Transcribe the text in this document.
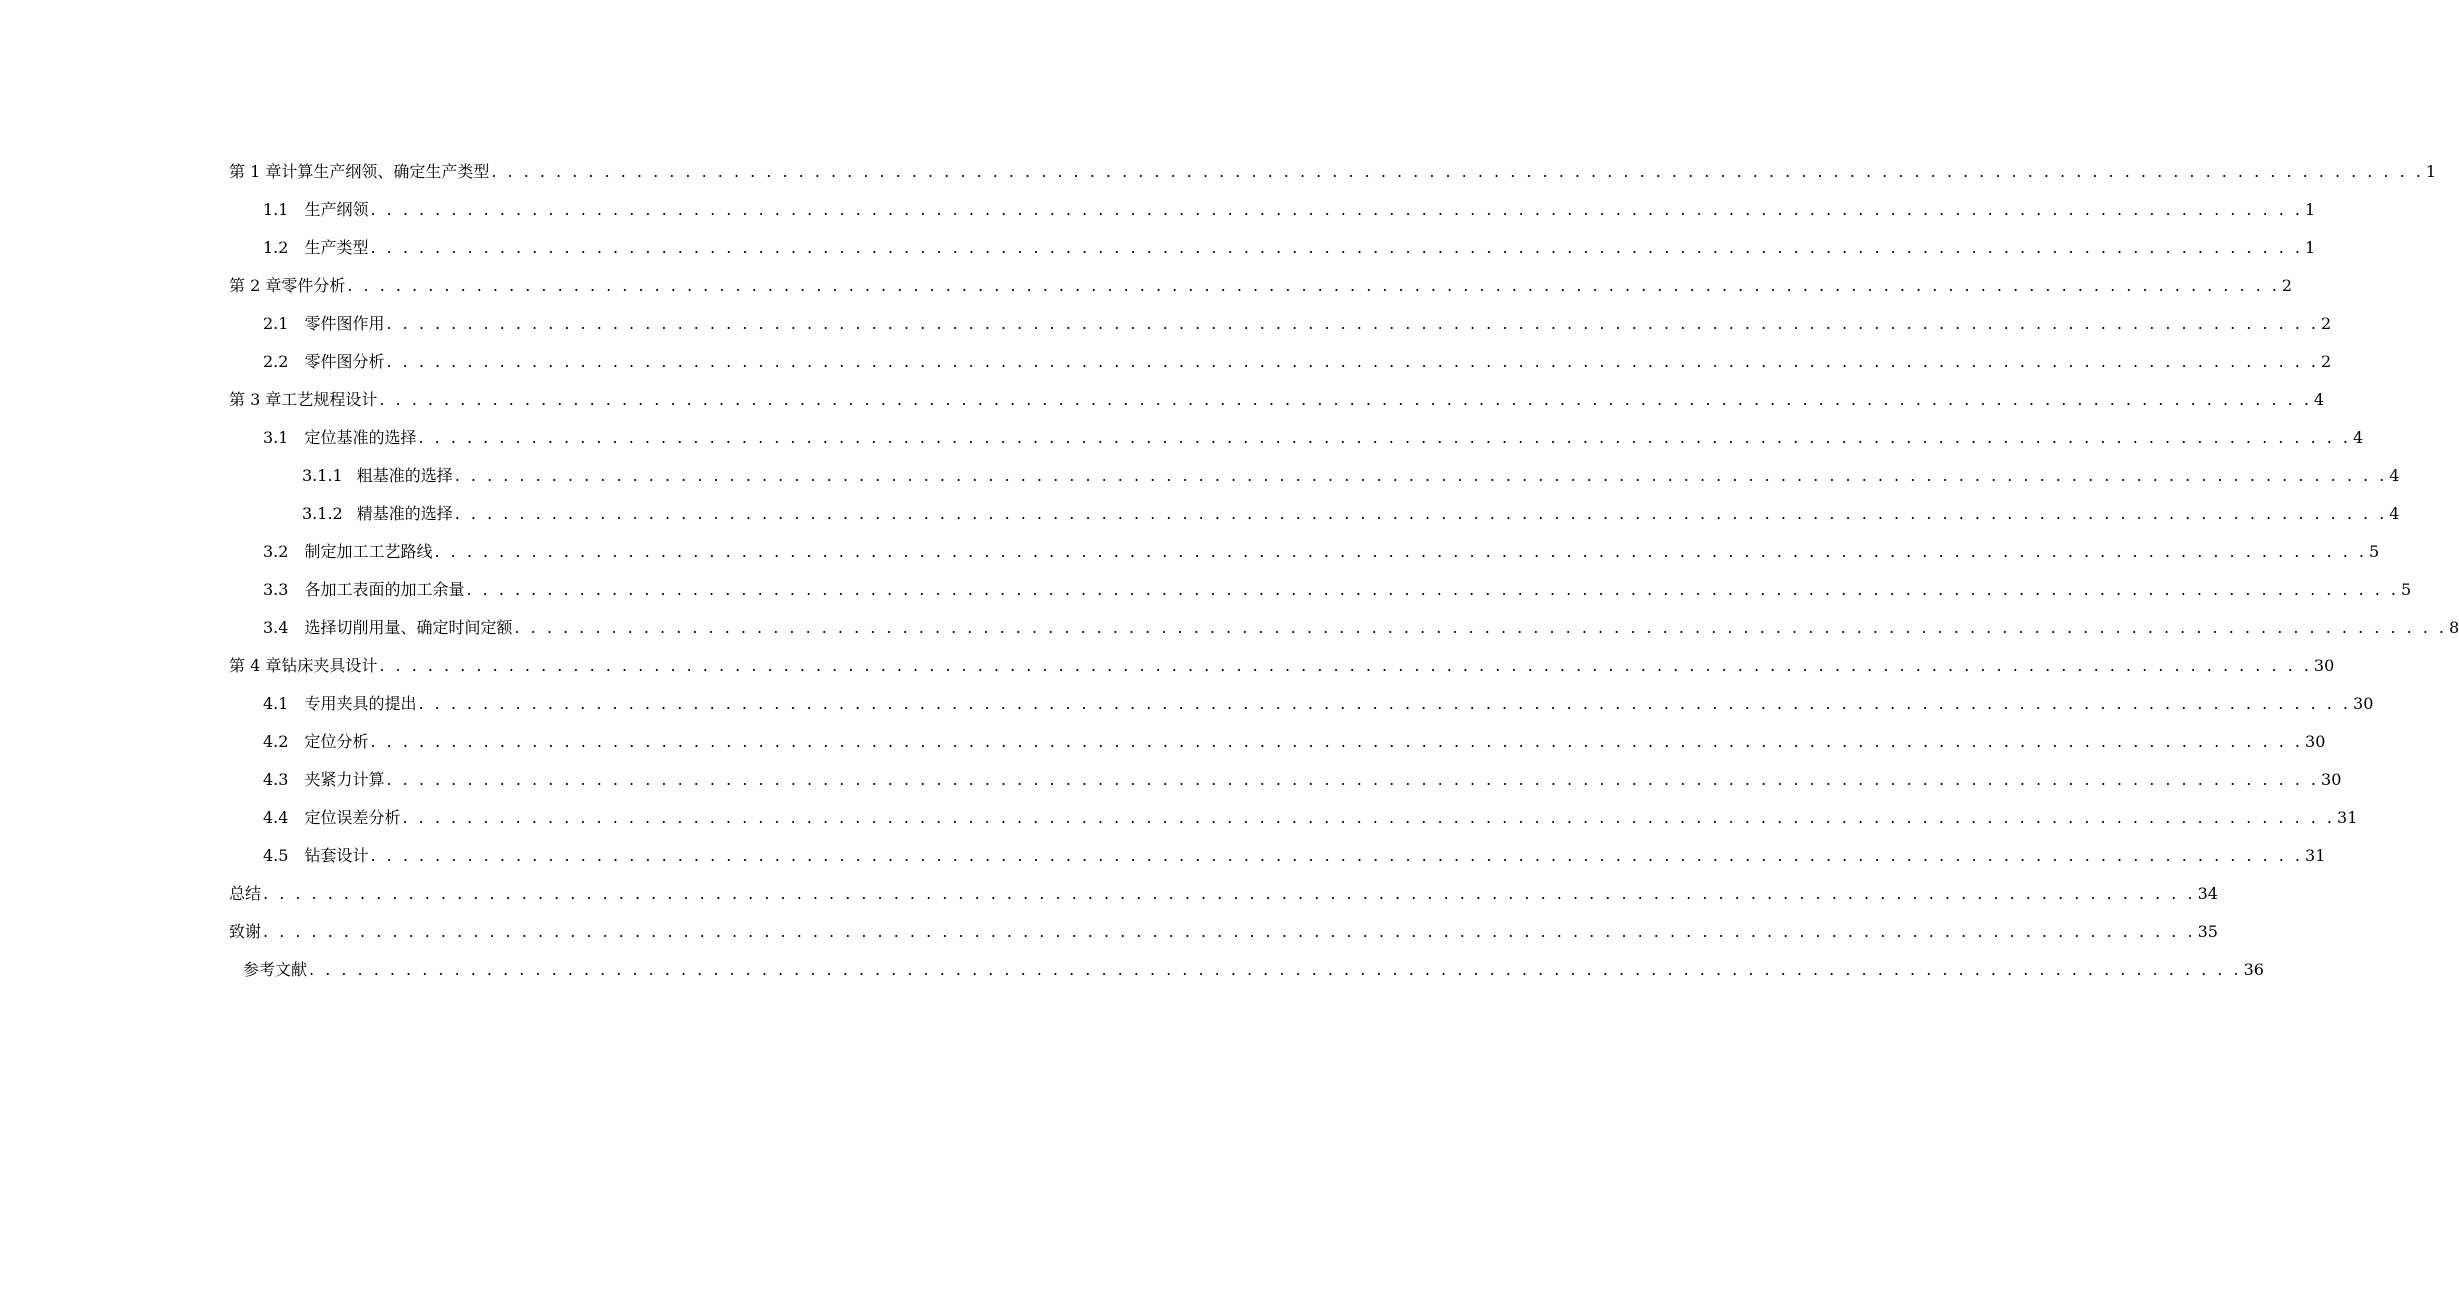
第 1 章计算生产纲领、确定生产类型 . . . . . . . . . . . . . . . . . . . . . . . . . . . . . . . . . . . . . . . . . . . . . . . . . . . . . . . . . . . . . . . . . . . . . . . . . . . . . . . . . . . . . . . . . . . . . . . . . . . . . . . . . . . . . . . . . . . . . . . . 1
1.1 生产纲领 . . . . . . . . . . . . . . . . . . . . . . . . . . . . . . . . . . . . . . . . . . . . . . . . . . . . . . . . . . . . . . . . . . . . . . . . . . . . . . . . . . . . . . . . . . . . . . . . . . . . . . . . . . . . . . . . . . . . . . . . 1
1.2 生产类型 . . . . . . . . . . . . . . . . . . . . . . . . . . . . . . . . . . . . . . . . . . . . . . . . . . . . . . . . . . . . . . . . . . . . . . . . . . . . . . . . . . . . . . . . . . . . . . . . . . . . . . . . . . . . . . . . . . . . . . . . 1
第 2 章零件分析 . . . . . . . . . . . . . . . . . . . . . . . . . . . . . . . . . . . . . . . . . . . . . . . . . . . . . . . . . . . . . . . . . . . . . . . . . . . . . . . . . . . . . . . . . . . . . . . . . . . . . . . . . . . . . . . . . . . . . . . . 2
2.1 零件图作用 . . . . . . . . . . . . . . . . . . . . . . . . . . . . . . . . . . . . . . . . . . . . . . . . . . . . . . . . . . . . . . . . . . . . . . . . . . . . . . . . . . . . . . . . . . . . . . . . . . . . . . . . . . . . . . . . . . . . . . . . 2
2.2 零件图分析 . . . . . . . . . . . . . . . . . . . . . . . . . . . . . . . . . . . . . . . . . . . . . . . . . . . . . . . . . . . . . . . . . . . . . . . . . . . . . . . . . . . . . . . . . . . . . . . . . . . . . . . . . . . . . . . . . . . . . . . . 2
第 3 章工艺规程设计 . . . . . . . . . . . . . . . . . . . . . . . . . . . . . . . . . . . . . . . . . . . . . . . . . . . . . . . . . . . . . . . . . . . . . . . . . . . . . . . . . . . . . . . . . . . . . . . . . . . . . . . . . . . . . . . . . . . . . . . . 4
3.1 定位基准的选择 . . . . . . . . . . . . . . . . . . . . . . . . . . . . . . . . . . . . . . . . . . . . . . . . . . . . . . . . . . . . . . . . . . . . . . . . . . . . . . . . . . . . . . . . . . . . . . . . . . . . . . . . . . . . . . . . . . . . . . . . 4
3.1.1 粗基准的选择 . . . . . . . . . . . . . . . . . . . . . . . . . . . . . . . . . . . . . . . . . . . . . . . . . . . . . . . . . . . . . . . . . . . . . . . . . . . . . . . . . . . . . . . . . . . . . . . . . . . . . . . . . . . . . . . . . . . . . . . . 4
3.1.2 精基准的选择 . . . . . . . . . . . . . . . . . . . . . . . . . . . . . . . . . . . . . . . . . . . . . . . . . . . . . . . . . . . . . . . . . . . . . . . . . . . . . . . . . . . . . . . . . . . . . . . . . . . . . . . . . . . . . . . . . . . . . . . . 4
3.2 制定加工工艺路线 . . . . . . . . . . . . . . . . . . . . . . . . . . . . . . . . . . . . . . . . . . . . . . . . . . . . . . . . . . . . . . . . . . . . . . . . . . . . . . . . . . . . . . . . . . . . . . . . . . . . . . . . . . . . . . . . . . . . . . . . 5
3.3 各加工表面的加工余量 . . . . . . . . . . . . . . . . . . . . . . . . . . . . . . . . . . . . . . . . . . . . . . . . . . . . . . . . . . . . . . . . . . . . . . . . . . . . . . . . . . . . . . . . . . . . . . . . . . . . . . . . . . . . . . . . . . . . . . . . 5
3.4 选择切削用量、确定时间定额 . . . . . . . . . . . . . . . . . . . . . . . . . . . . . . . . . . . . . . . . . . . . . . . . . . . . . . . . . . . . . . . . . . . . . . . . . . . . . . . . . . . . . . . . . . . . . . . . . . . . . . . . . . . . . . . . . . . . . . . . 8
第 4 章钻床夹具设计 . . . . . . . . . . . . . . . . . . . . . . . . . . . . . . . . . . . . . . . . . . . . . . . . . . . . . . . . . . . . . . . . . . . . . . . . . . . . . . . . . . . . . . . . . . . . . . . . . . . . . . . . . . . . . . . . . . . . . . . . 30
4.1 专用夹具的提出 . . . . . . . . . . . . . . . . . . . . . . . . . . . . . . . . . . . . . . . . . . . . . . . . . . . . . . . . . . . . . . . . . . . . . . . . . . . . . . . . . . . . . . . . . . . . . . . . . . . . . . . . . . . . . . . . . . . . . . . . 30
4.2 定位分析 . . . . . . . . . . . . . . . . . . . . . . . . . . . . . . . . . . . . . . . . . . . . . . . . . . . . . . . . . . . . . . . . . . . . . . . . . . . . . . . . . . . . . . . . . . . . . . . . . . . . . . . . . . . . . . . . . . . . . . . . 30
4.3 夹紧力计算 . . . . . . . . . . . . . . . . . . . . . . . . . . . . . . . . . . . . . . . . . . . . . . . . . . . . . . . . . . . . . . . . . . . . . . . . . . . . . . . . . . . . . . . . . . . . . . . . . . . . . . . . . . . . . . . . . . . . . . . . 30
4.4 定位误差分析 . . . . . . . . . . . . . . . . . . . . . . . . . . . . . . . . . . . . . . . . . . . . . . . . . . . . . . . . . . . . . . . . . . . . . . . . . . . . . . . . . . . . . . . . . . . . . . . . . . . . . . . . . . . . . . . . . . . . . . . . 31
4.5 钻套设计 . . . . . . . . . . . . . . . . . . . . . . . . . . . . . . . . . . . . . . . . . . . . . . . . . . . . . . . . . . . . . . . . . . . . . . . . . . . . . . . . . . . . . . . . . . . . . . . . . . . . . . . . . . . . . . . . . . . . . . . . 31
总结 . . . . . . . . . . . . . . . . . . . . . . . . . . . . . . . . . . . . . . . . . . . . . . . . . . . . . . . . . . . . . . . . . . . . . . . . . . . . . . . . . . . . . . . . . . . . . . . . . . . . . . . . . . . . . . . . . . . . . . . . 34
致谢 . . . . . . . . . . . . . . . . . . . . . . . . . . . . . . . . . . . . . . . . . . . . . . . . . . . . . . . . . . . . . . . . . . . . . . . . . . . . . . . . . . . . . . . . . . . . . . . . . . . . . . . . . . . . . . . . . . . . . . . . 35
参考文献 . . . . . . . . . . . . . . . . . . . . . . . . . . . . . . . . . . . . . . . . . . . . . . . . . . . . . . . . . . . . . . . . . . . . . . . . . . . . . . . . . . . . . . . . . . . . . . . . . . . . . . . . . . . . . . . . . . . . . . . . 36
